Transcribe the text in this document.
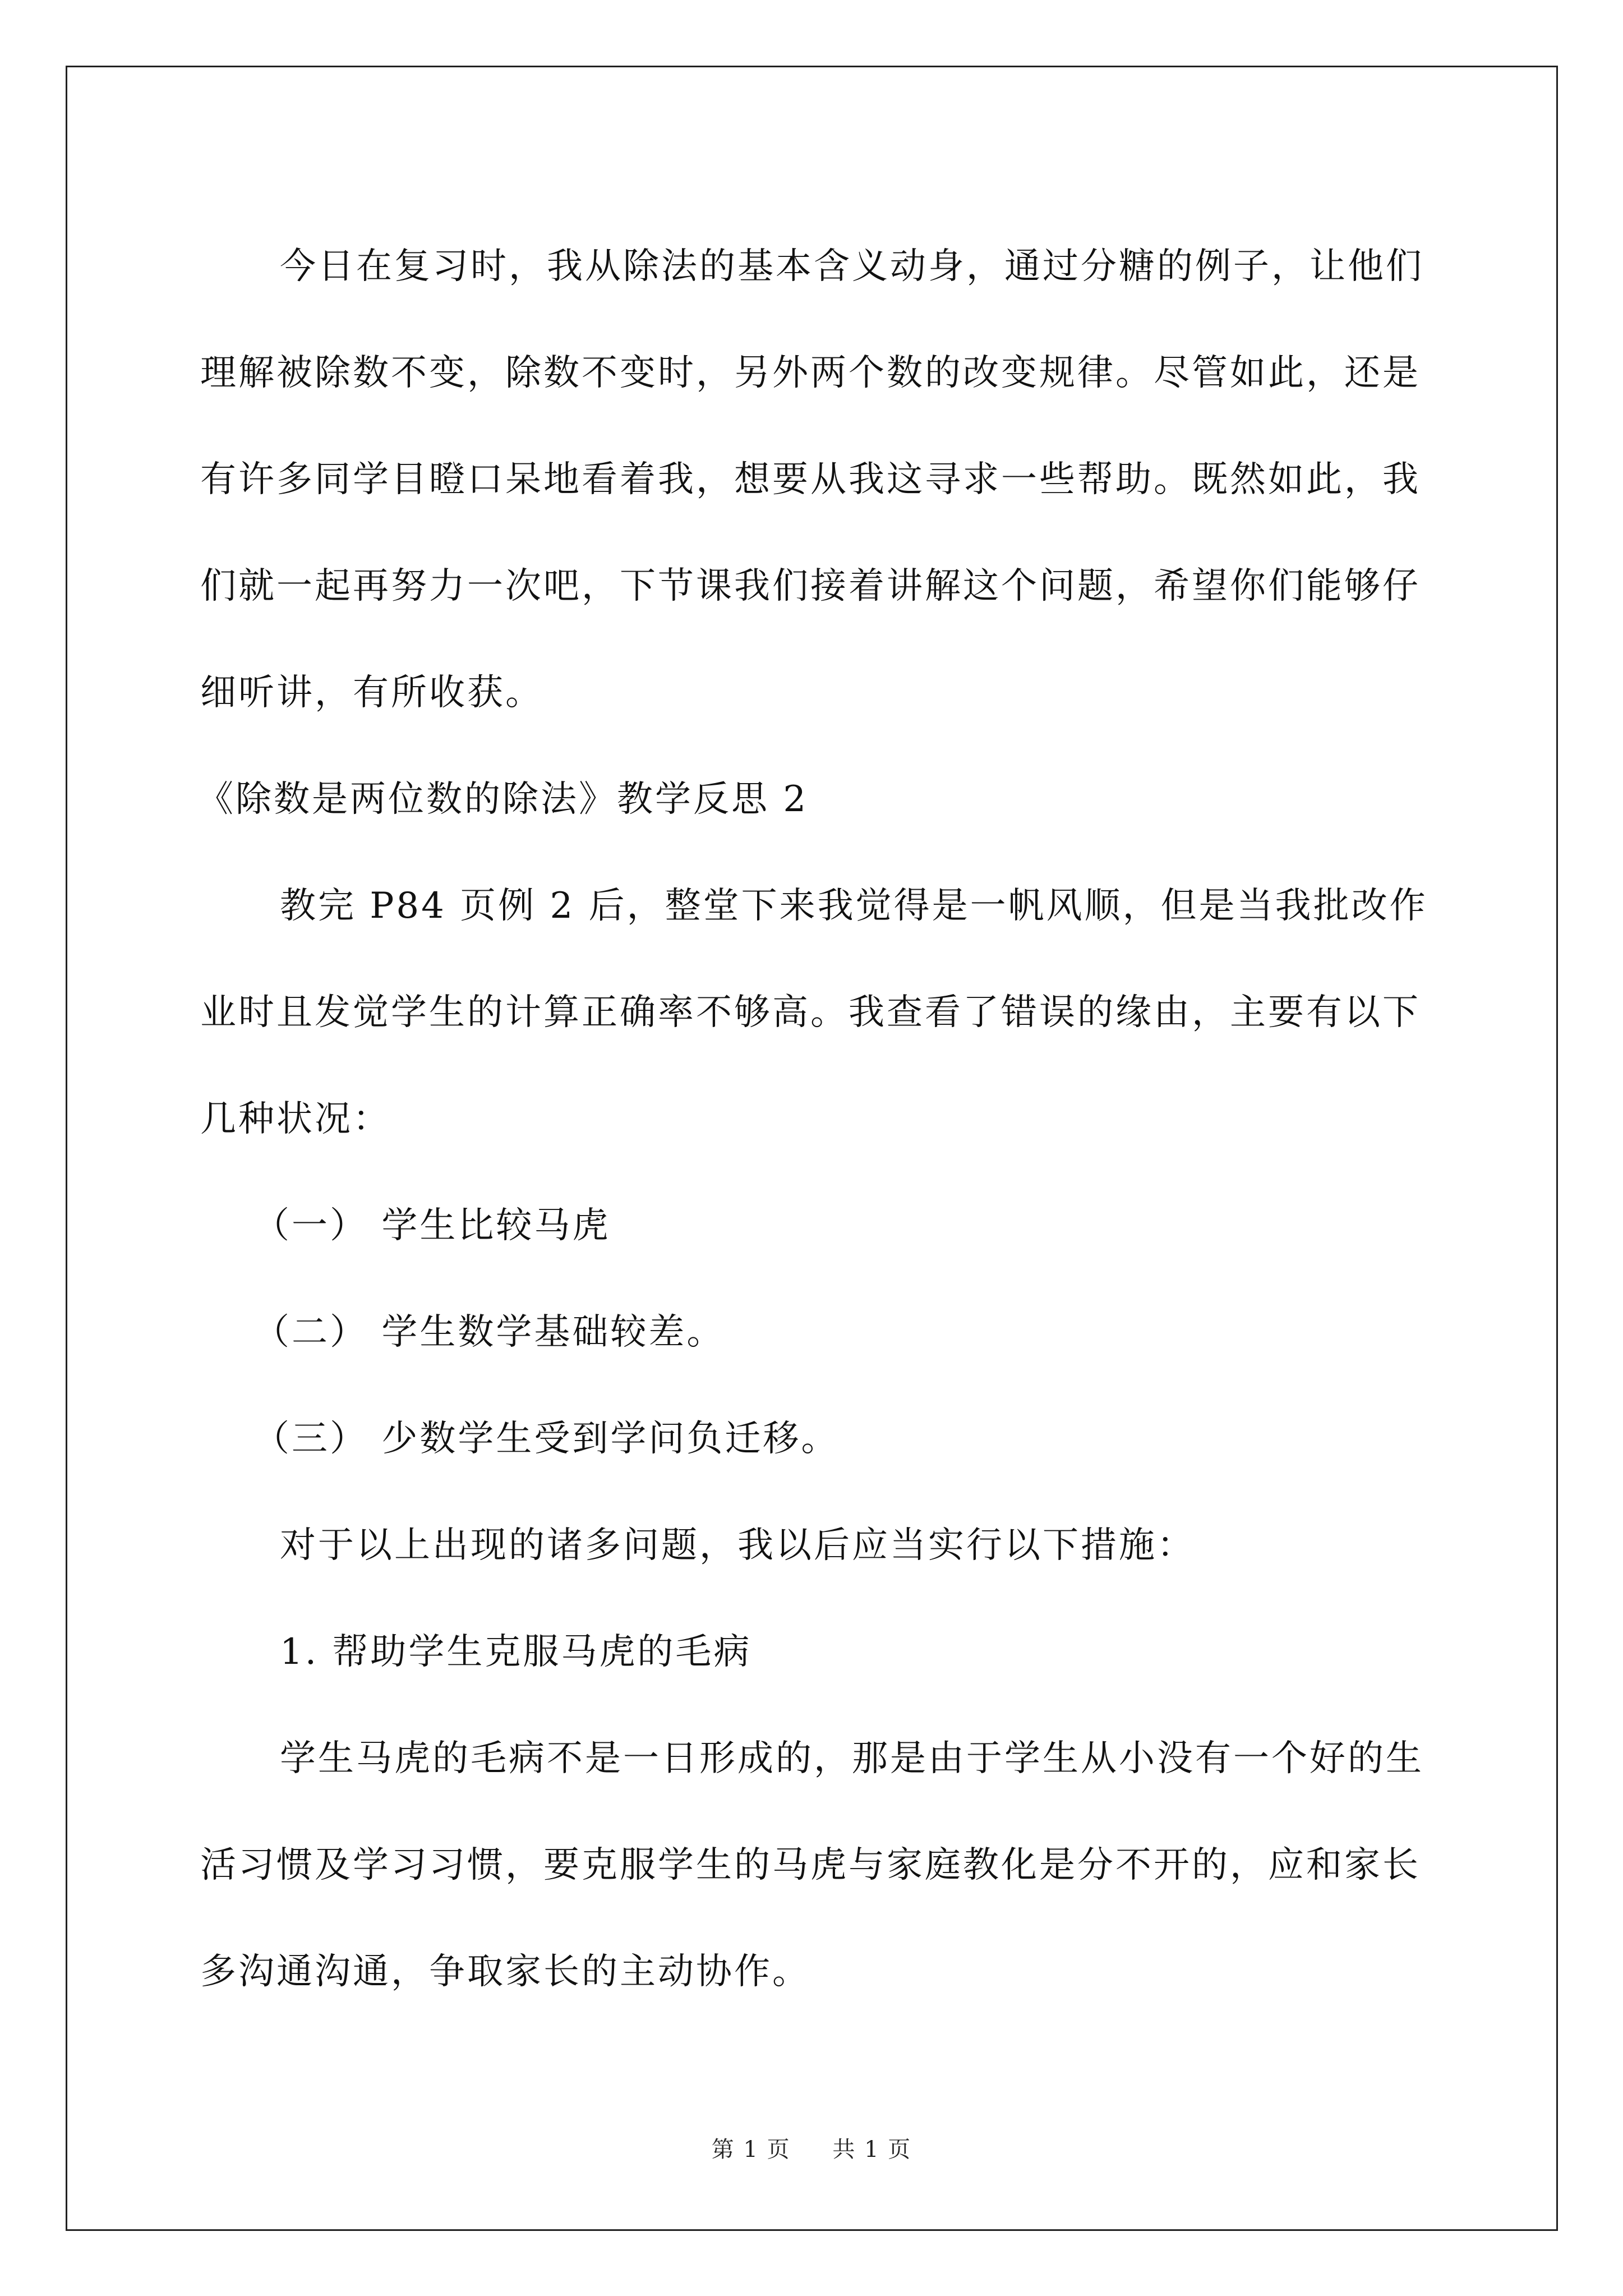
今日在复习时，我从除法的基本含义动身，通过分糖的例子，让他们理解被除数不变，除数不变时，另外两个数的改变规律。尽管如此，还是有许多同学目瞪口呆地看着我，想要从我这寻求一些帮助。既然如此，我们就一起再努力一次吧，下节课我们接着讲解这个问题，希望你们能够仔细听讲，有所收获。

《除数是两位数的除法》教学反思 2

教完 P84 页例 2 后，整堂下来我觉得是一帆风顺，但是当我批改作业时且发觉学生的计算正确率不够高。我查看了错误的缘由，主要有以下几种状况：

（一） 学生比较马虎

（二） 学生数学基础较差。

（三） 少数学生受到学问负迁移。

对于以上出现的诸多问题，我以后应当实行以下措施：

1. 帮助学生克服马虎的毛病

学生马虎的毛病不是一日形成的，那是由于学生从小没有一个好的生活习惯及学习习惯，要克服学生的马虎与家庭教化是分不开的，应和家长多沟通沟通，争取家长的主动协作。

第 1 页 共 1 页
